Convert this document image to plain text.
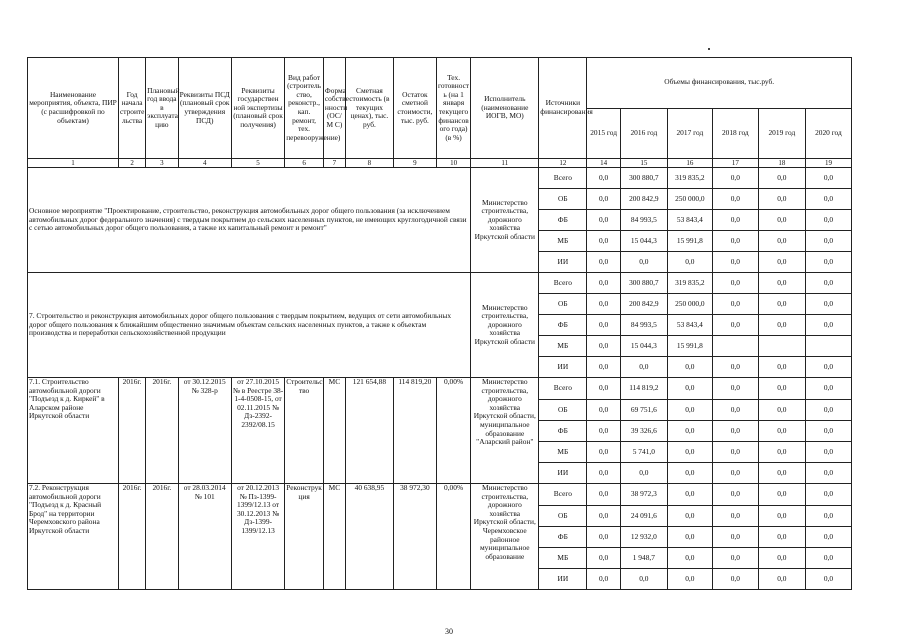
Наименование мероприятия, объекта, ПИР (с расшифровкой по объектам)	Год начала строите льства	Плановый год ввода в эксплуата цию	Реквизиты ПСД (плановый срок утверждения ПСД)	Реквизиты государствен ной экспертизы (плановый срок получения)	Вид работ (строитель ство, реконстр., кап. ремонт, тех. перевооружение)	Форма собстве нности (ОС/М С)	Сметная стоимость (в текущих ценах), тыс. руб.	Остаток сметной стоимости, тыс. руб.	Тех. готовност ь (на 1 января текущего финансов ого года) (в %)	Исполнитель (наименование ИОГВ, МО)	Источники финансирования	Объемы финансирования, тыс.руб.					
												2015 год	2016 год	2017 год	2018 год	2019 год	2020 год
1	2	3	4	5	6	7	8	9	10	11	12	14	15	16	17	18	19
Основное мероприятие "Проектирование, строительство, реконструкция автомобильных дорог общего пользования (за исключением автомобильных дорог федерального значения) с твердым покрытием до сельских населенных пунктов, не имеющих круглогодичной связи с сетью автомобильных дорог общего пользования, а также их капитальный ремонт и ремонт"										Министерство строительства, дорожного хозяйства Иркутской области	Всего	0,0	300 880,7	319 835,2	0,0	0,0	0,0
											ОБ	0,0	200 842,9	250 000,0	0,0	0,0	0,0
											ФБ	0,0	84 993,5	53 843,4	0,0	0,0	0,0
											МБ	0,0	15 044,3	15 991,8	0,0	0,0	0,0
											ИИ	0,0	0,0	0,0	0,0	0,0	0,0
7. Строительство и реконструкция автомобильных дорог общего пользования с твердым покрытием, ведущих от сети автомобильных дорог общего пользования к ближайшим общественно значимым объектам сельских населенных пунктов, а также к объектам производства и переработки сельскохозяйственной продукции										Министерство строительства, дорожного хозяйства Иркутской области	Всего	0,0	300 880,7	319 835,2	0,0	0,0	0,0
											ОБ	0,0	200 842,9	250 000,0	0,0	0,0	0,0
											ФБ	0,0	84 993,5	53 843,4	0,0	0,0	0,0
											МБ	0,0	15 044,3	15 991,8			
											ИИ	0,0	0,0	0,0	0,0	0,0	0,0
7.1. Строительство автомобильной дороги "Подъезд к д. Киркей" в Аларском районе Иркутской области	2016г.	2016г.	от 30.12.2015 № 328-р	от 27.10.2015 № в Реестре 38-1-4-0508-15, от 02.11.2015 № Дз-2392-2392/08.15	Строительс тво	МС	121 654,88	114 819,20	0,00%	Министерство строительства, дорожного хозяйства Иркутской области, муниципальное образование "Аларский район"	Всего	0,0	114 819,2	0,0	0,0	0,0	0,0
											ОБ	0,0	69 751,6	0,0	0,0	0,0	0,0
											ФБ	0,0	39 326,6	0,0	0,0	0,0	0,0
											МБ	0,0	5 741,0	0,0	0,0	0,0	0,0
											ИИ	0,0	0,0	0,0	0,0	0,0	0,0
7.2. Реконструкция автомобильной дороги "Подъезд к д. Красный Брод" на территории Черемховского района Иркутской области	2016г.	2016г.	от 28.03.2014 № 101	от 20.12.2013 № Пз-1399-1399/12.13 от 30.12.2013 № Дз-1399-1399/12.13	Реконструк ция	МС	40 638,95	38 972,30	0,00%	Министерство строительства, дорожного хозяйства Иркутской области, Черемховское районное муниципальное образование	Всего	0,0	38 972,3	0,0	0,0	0,0	0,0
											ОБ	0,0	24 091,6	0,0	0,0	0,0	0,0
											ФБ	0,0	12 932,0	0,0	0,0	0,0	0,0
											МБ	0,0	1 948,7	0,0	0,0	0,0	0,0
											ИИ	0,0	0,0	0,0	0,0	0,0	0,0
30
